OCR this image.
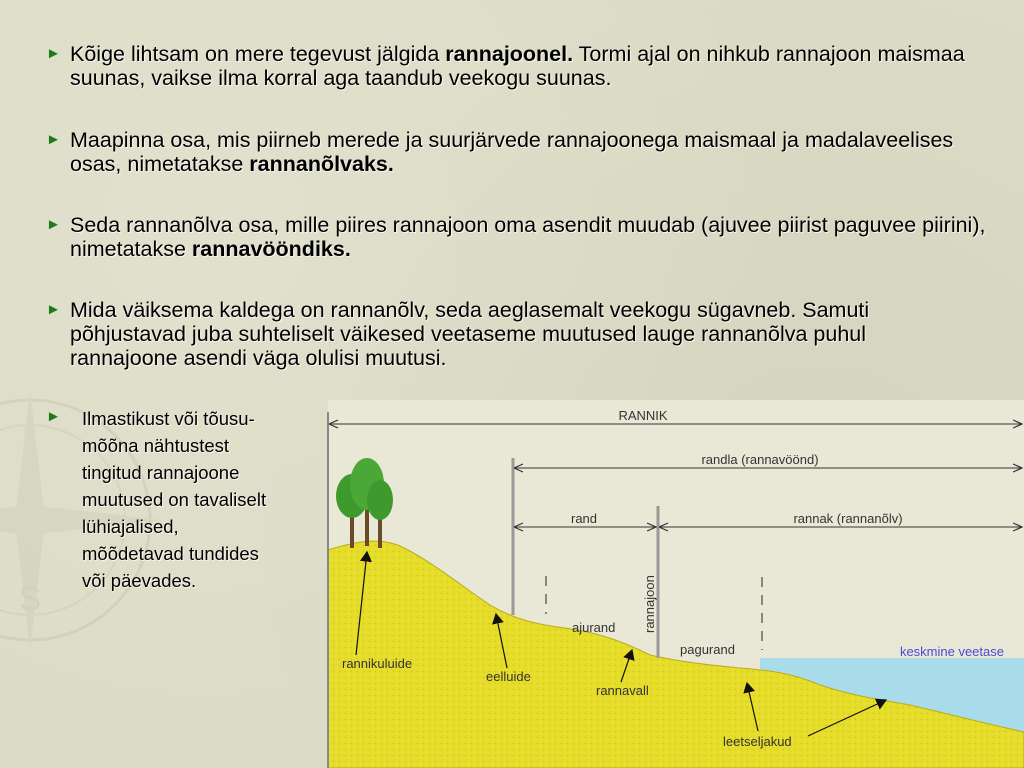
S
► Kõige lihtsam on mere tegevust jälgida rannajoonel. Tormi ajal on nihkub rannajoon maismaa suunas, vaikse ilma korral aga taandub veekogu suunas.
► Maapinna osa, mis piirneb merede ja suurjärvede rannajoonega maismaal ja madalaveelises osas, nimetatakse rannanõlvaks.
► Seda rannanõlva osa, mille piires rannajoon oma asendit muudab (ajuvee piirist paguvee piirini), nimetatakse rannavööndiks.
► Mida väiksema kaldega on rannanõlv, seda aeglasemalt veekogu sügavneb. Samuti põhjustavad juba suhteliselt väikesed veetaseme muutused lauge rannanõlva puhul rannajoone asendi väga olulisi muutusi.
►	Ilmastikust või tõusu-mõõna nähtustest tingitud rannajoone muutused on tavaliselt lühiajalised, mõõdetavad tundides või päevades.
RANNIK
randla (rannavöönd)
rand	rannak (rannanõlv)
rannajoon
ajurand
pagurand	keskmine veetase
rannikuluide
eelluide
rannavall
leetseljakud
